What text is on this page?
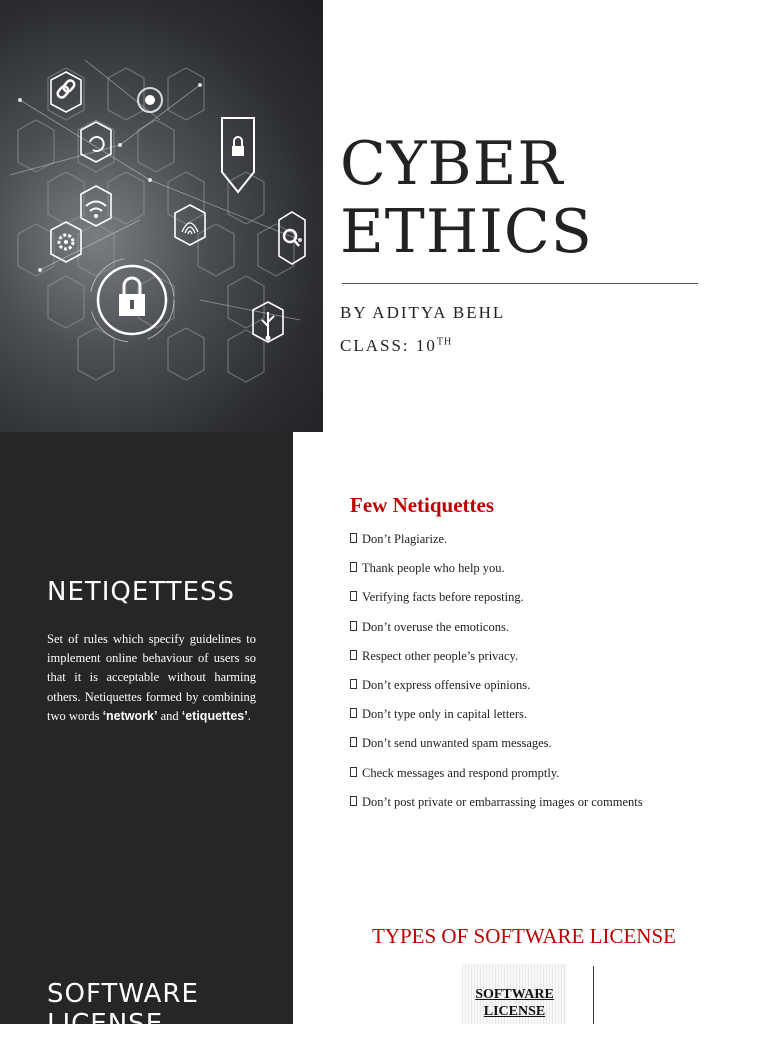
CYBER
ETHICS
BY ADITYA BEHL
CLASS: 10TH
NETIQETTESS

Set of rules which specify guidelines to implement online behaviour of users so that it is acceptable without harming others. Netiquettes formed by combining two words ‘network’ and ‘etiquettes’.

Few Netiquettes
Don’t Plagiarize.
Thank people who help you.
Verifying facts before reposting.
Don’t overuse the emoticons.
Respect other people’s privacy.
Don’t express offensive opinions.
Don’t type only in capital letters.
Don’t send unwanted spam messages.
Check messages and respond promptly.
Don’t post private or embarrassing images or comments
SOFTWARE
LICENSE
TYPES OF SOFTWARE LICENSE
SOFTWARE
LICENSE
